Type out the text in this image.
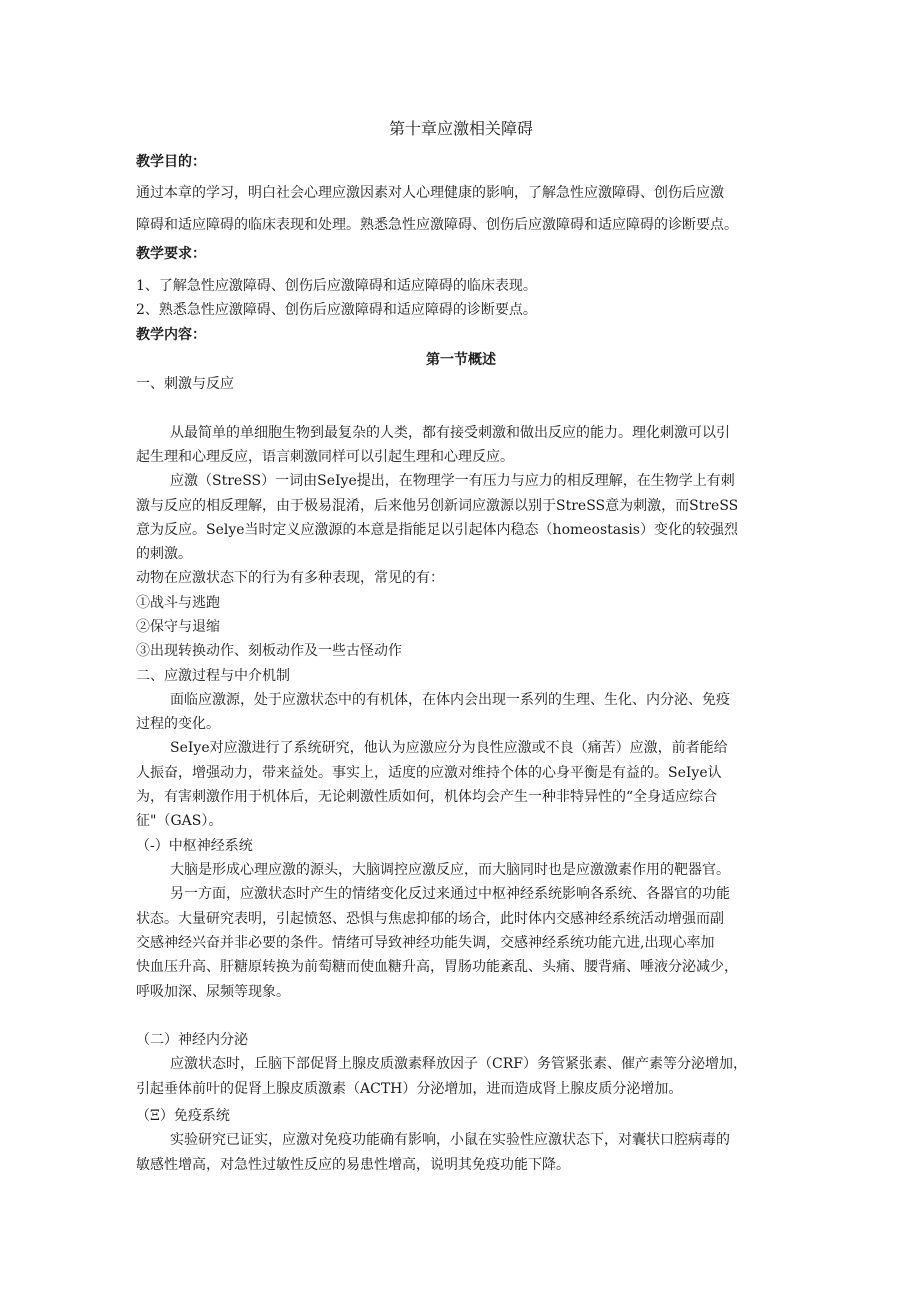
第十章应激相关障碍
教学目的：
通过本章的学习，明白社会心理应激因素对人心理健康的影响，了解急性应激障碍、创伤后应激
障碍和适应障碍的临床表现和处理。熟悉急性应激障碍、创伤后应激障碍和适应障碍的诊断要点。
教学要求：
1、了解急性应激障碍、创伤后应激障碍和适应障碍的临床表现。
2、熟悉急性应激障碍、创伤后应激障碍和适应障碍的诊断要点。
教学内容：
第一节概述
一、刺激与反应
从最简单的单细胞生物到最复杂的人类，都有接受刺激和做出反应的能力。理化刺激可以引
起生理和心理反应，语言刺激同样可以引起生理和心理反应。
应激（StreSS）一词由SeIye提出，在物理学一有压力与应力的相反理解，在生物学上有刺
激与反应的相反理解，由于极易混淆，后来他另创新词应激源以别于StreSS意为刺激，而StreSS
意为反应。Selye当时定义应激源的本意是指能足以引起体内稳态（homeostasis）变化的较强烈
的刺激。
动物在应激状态下的行为有多种表现，常见的有：
①战斗与逃跑
②保守与退缩
③出现转换动作、刻板动作及一些古怪动作
二、应激过程与中介机制
面临应激源，处于应激状态中的有机体，在体内会出现一系列的生理、生化、内分泌、免疫
过程的变化。
SeIye对应激进行了系统研究，他认为应激应分为良性应激或不良（痛苦）应激，前者能给
人振奋，增强动力，带来益处。事实上，适度的应激对维持个体的心身平衡是有益的。SeIye认
为，有害刺激作用于机体后，无论刺激性质如何，机体均会产生一种非特异性的“全身适应综合
征"（GAS）。
（-）中枢神经系统
大脑是形成心理应激的源头，大脑调控应激反应，而大脑同时也是应激激素作用的靶器官。
另一方面，应激状态时产生的情绪变化反过来通过中枢神经系统影响各系统、各器官的功能
状态。大量研究表明，引起愤怒、恐惧与焦虑抑郁的场合，此时体内交感神经系统活动增强而副
交感神经兴奋并非必要的条件。情绪可导致神经功能失调，交感神经系统功能亢进,出现心率加
快血压升高、肝糖原转换为前萄糖而使血糖升高，胃肠功能紊乱、头痛、腰背痛、唾液分泌减少，
呼吸加深、尿频等现象。
（二）神经内分泌
应激状态时，丘脑下部促肾上腺皮质激素释放因子（CRF）务管紧张素、催产素等分泌增加，
引起垂体前叶的促肾上腺皮质激素（ACTH）分泌增加，进而造成肾上腺皮质分泌增加。
（Ξ）免疫系统
实验研究已证实，应激对免疫功能确有影响，小鼠在实验性应激状态下，对囊状口腔病毒的
敏感性增高，对急性过敏性反应的易患性增高，说明其免疫功能下降。
